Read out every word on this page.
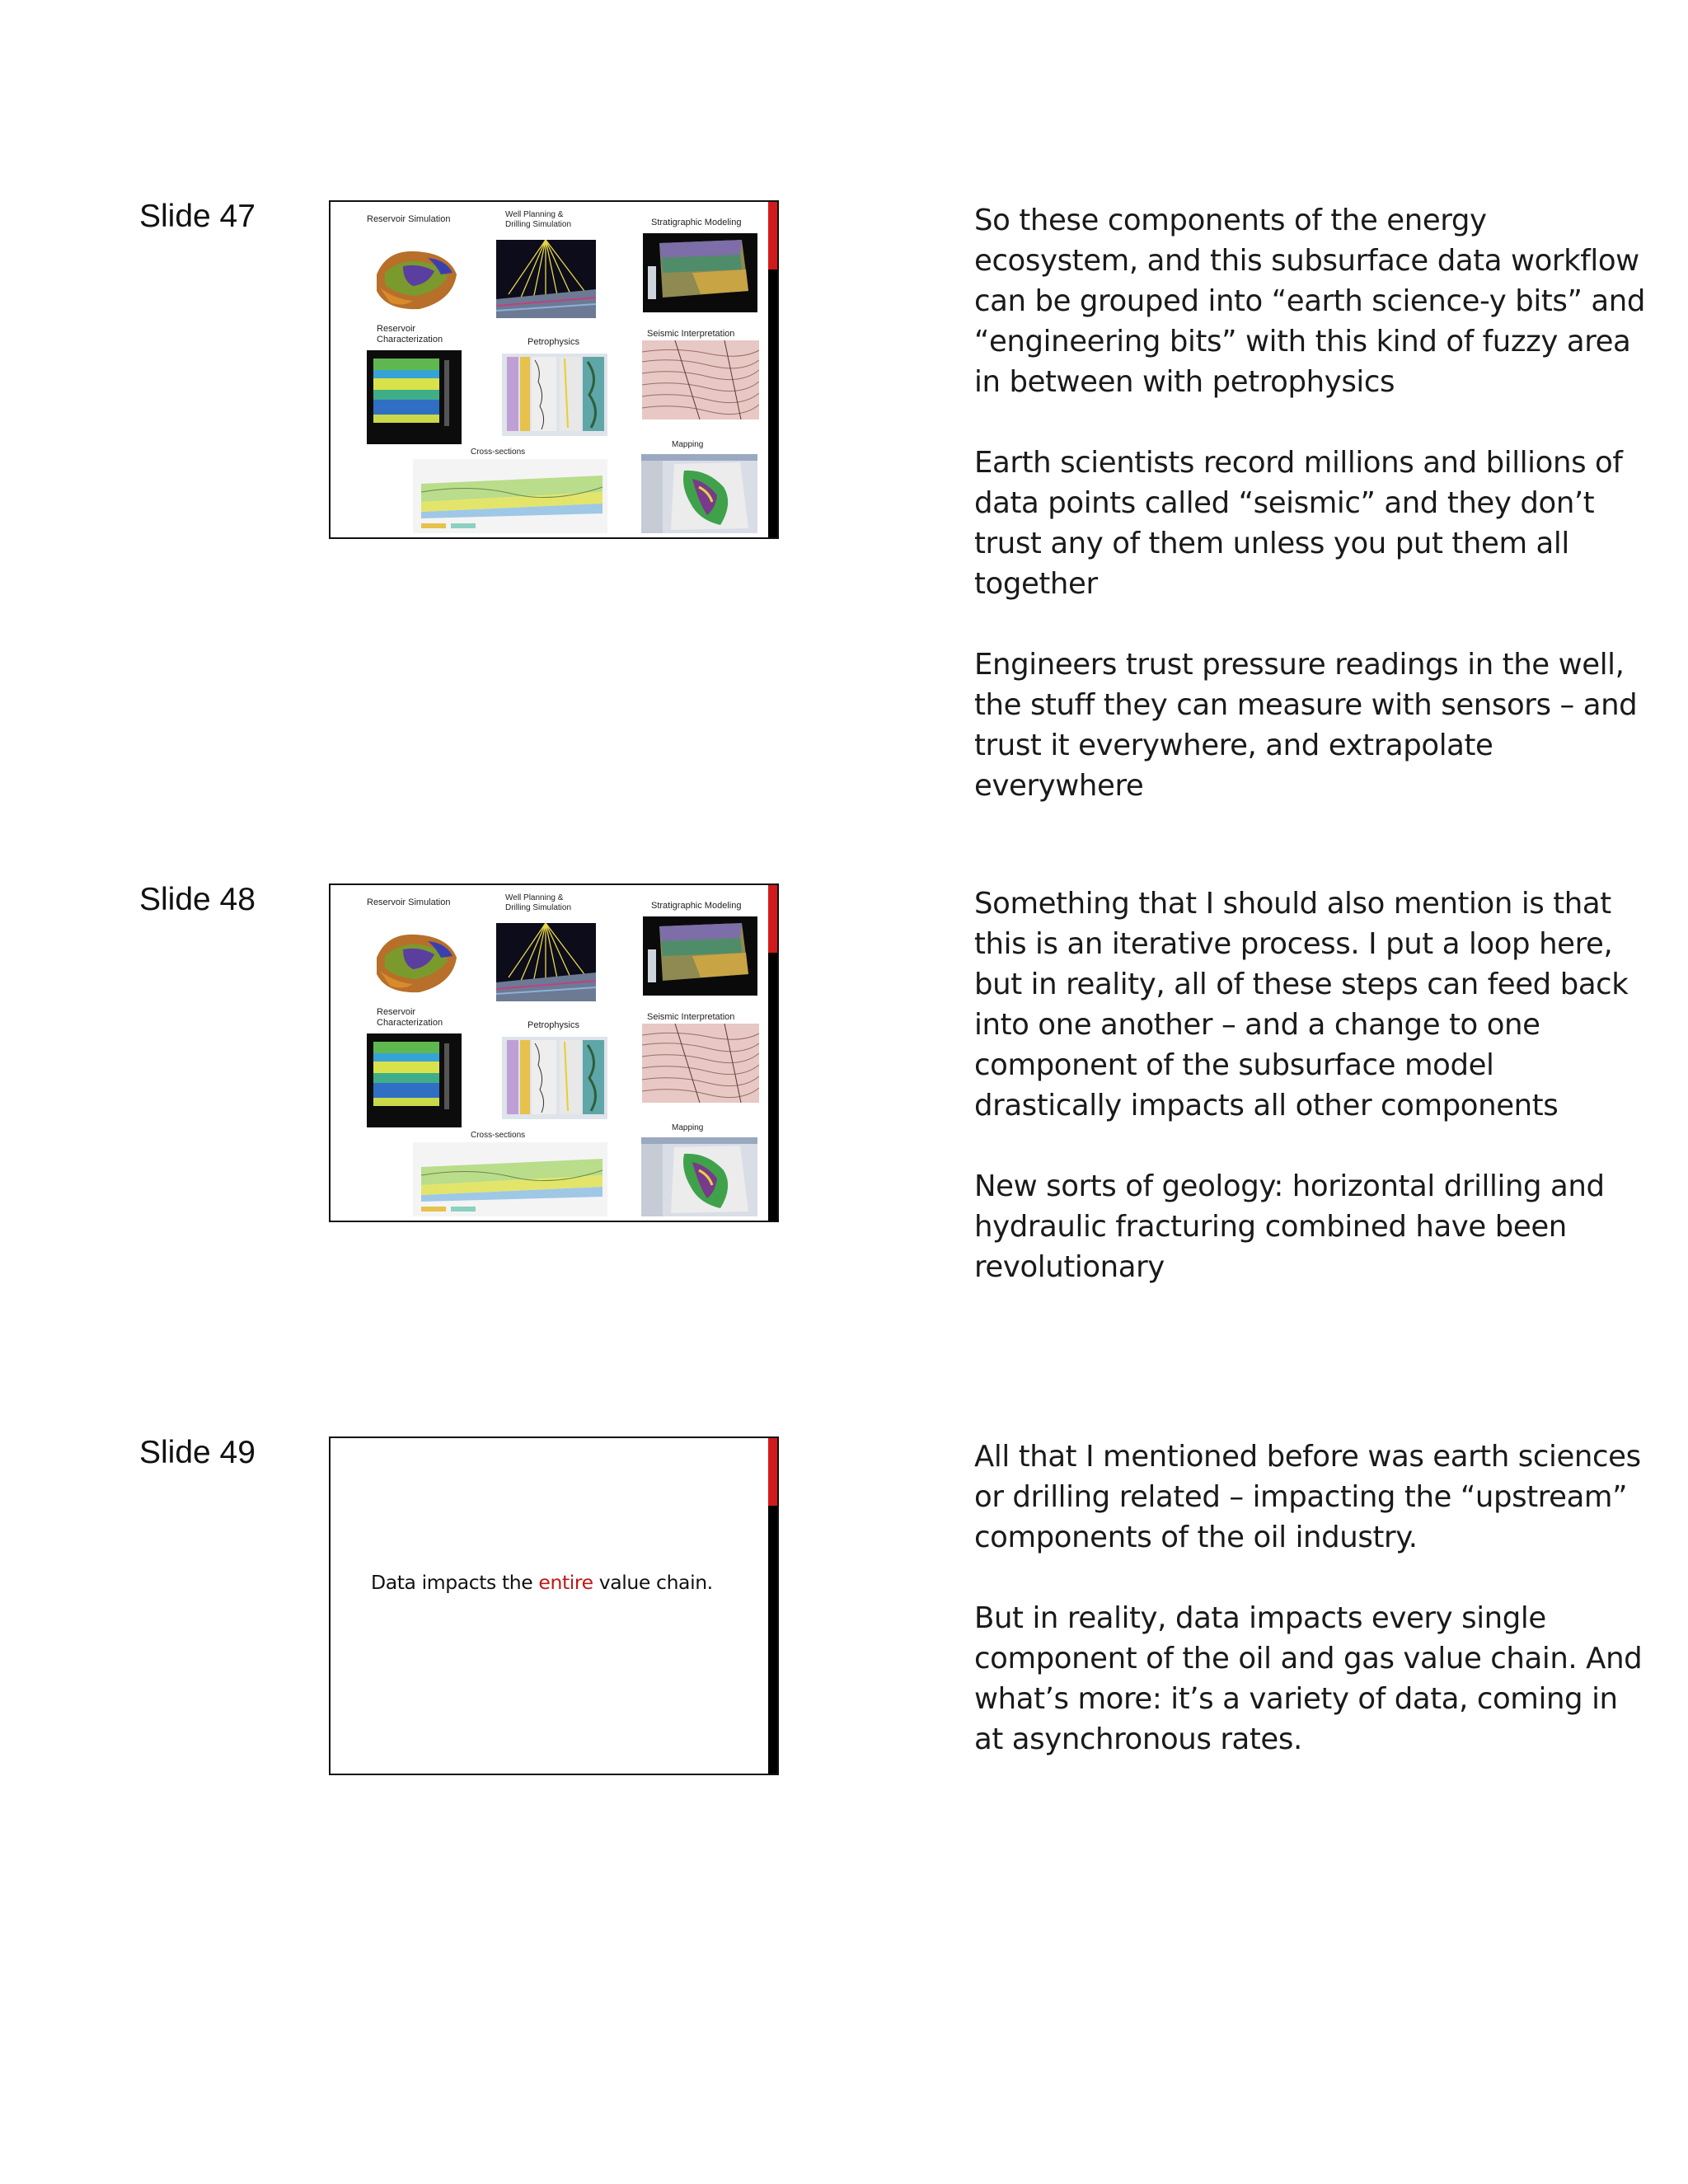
Slide 47	Reservoir Simulation	Well Planning &
Drilling Simulation	Stratigraphic Modeling
Reservoir
Characterization	Petrophysics
Seismic Interpretation
Mapping
Cross-sections

So these components of the energy ecosystem, and this subsurface data workflow can be grouped into “earth science-y bits” and “engineering bits” with this kind of fuzzy area in between with petrophysics

Earth scientists record millions and billions of data points called “seismic” and they don’t trust any of them unless you put them all together

Engineers trust pressure readings in the well, the stuff they can measure with sensors – and trust it everywhere, and extrapolate everywhere

Slide 48	Reservoir Simulation	Well Planning &
Drilling Simulation	Stratigraphic Modeling
Reservoir
Characterization	Petrophysics
Seismic Interpretation
Mapping
Cross-sections

Something that I should also mention is that this is an iterative process. I put a loop here, but in reality, all of these steps can feed back into one another – and a change to one component of the subsurface model drastically impacts all other components

New sorts of geology: horizontal drilling and hydraulic fracturing combined have been revolutionary

Slide 49
Data impacts the entire value chain.

All that I mentioned before was earth sciences or drilling related – impacting the “upstream” components of the oil industry.

But in reality, data impacts every single component of the oil and gas value chain. And what’s more: it’s a variety of data, coming in at asynchronous rates.
